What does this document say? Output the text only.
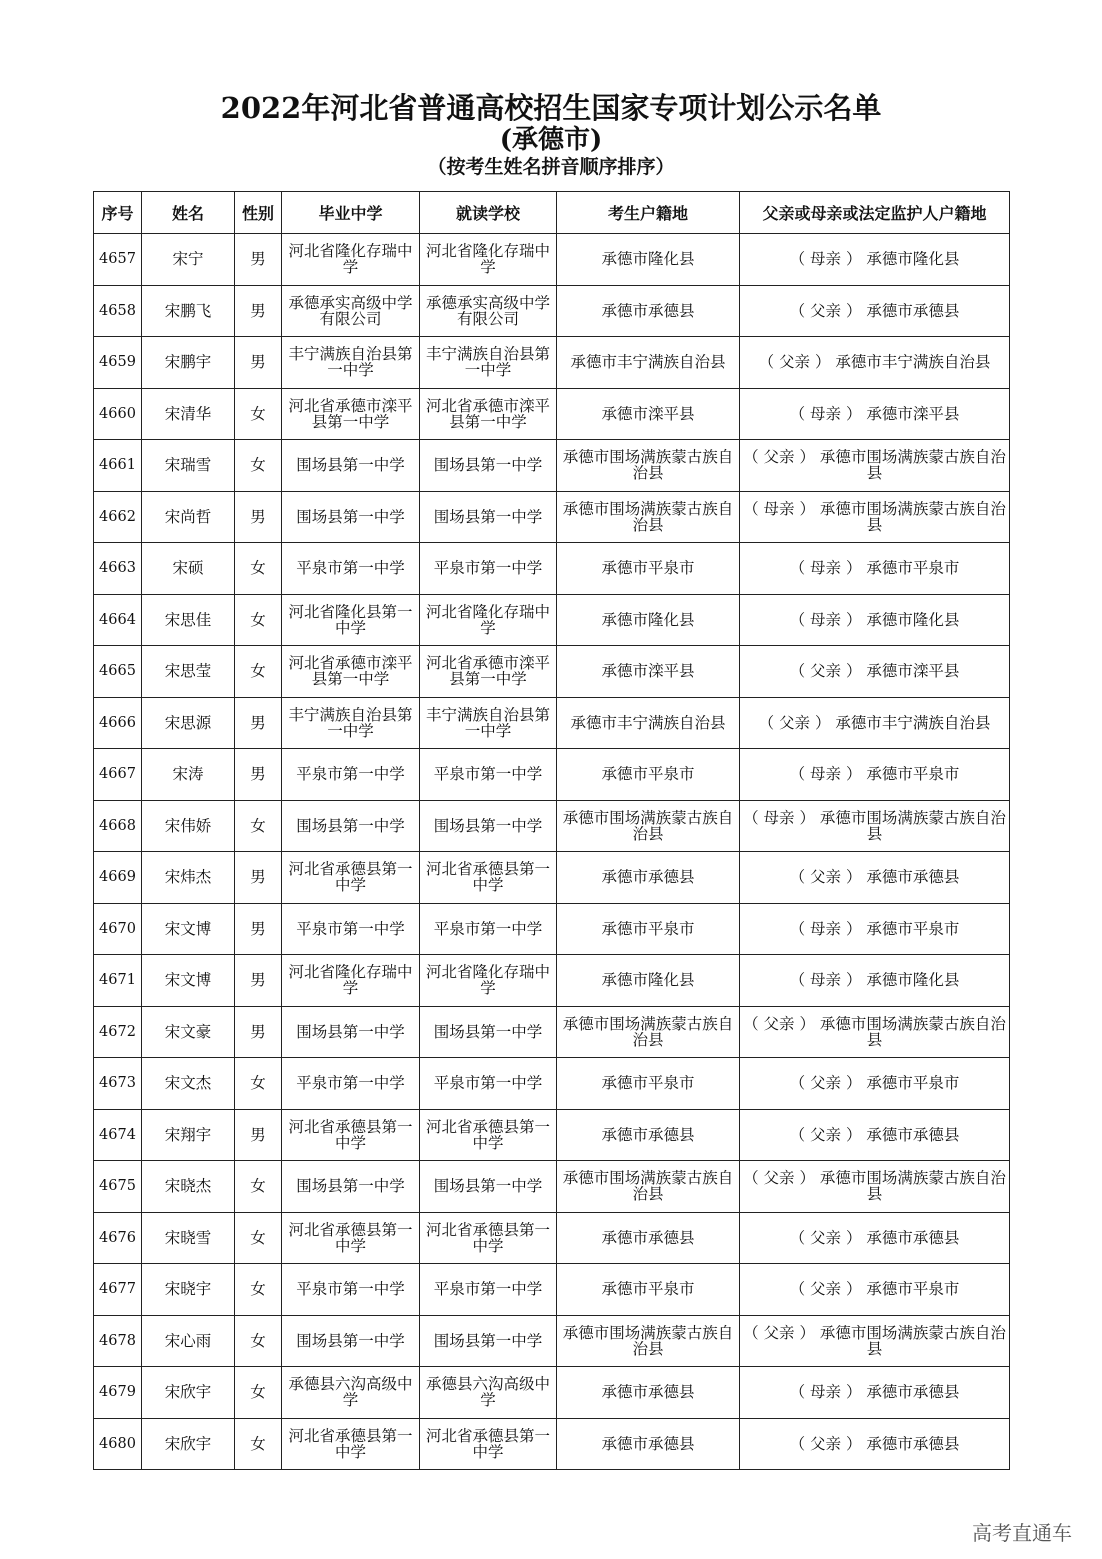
2022年河北省普通高校招生国家专项计划公示名单
(承德市)
（按考生姓名拼音顺序排序）
序号	姓名	性别	毕业中学	就读学校	考生户籍地	父亲或母亲或法定监护人户籍地
4657	宋宁	男	河北省隆化存瑞中学	河北省隆化存瑞中学	承德市隆化县	（ 母亲 ） 承德市隆化县
4658	宋鹏飞	男	承德承实高级中学有限公司	承德承实高级中学有限公司	承德市承德县	（ 父亲 ） 承德市承德县
4659	宋鹏宇	男	丰宁满族自治县第一中学	丰宁满族自治县第一中学	承德市丰宁满族自治县	（ 父亲 ） 承德市丰宁满族自治县
4660	宋清华	女	河北省承德市滦平县第一中学	河北省承德市滦平县第一中学	承德市滦平县	（ 母亲 ） 承德市滦平县
4661	宋瑞雪	女	围场县第一中学	围场县第一中学	承德市围场满族蒙古族自治县	（ 父亲 ） 承德市围场满族蒙古族自治县
4662	宋尚哲	男	围场县第一中学	围场县第一中学	承德市围场满族蒙古族自治县	（ 母亲 ） 承德市围场满族蒙古族自治县
4663	宋硕	女	平泉市第一中学	平泉市第一中学	承德市平泉市	（ 母亲 ） 承德市平泉市
4664	宋思佳	女	河北省隆化县第一中学	河北省隆化存瑞中学	承德市隆化县	（ 母亲 ） 承德市隆化县
4665	宋思莹	女	河北省承德市滦平县第一中学	河北省承德市滦平县第一中学	承德市滦平县	（ 父亲 ） 承德市滦平县
4666	宋思源	男	丰宁满族自治县第一中学	丰宁满族自治县第一中学	承德市丰宁满族自治县	（ 父亲 ） 承德市丰宁满族自治县
4667	宋涛	男	平泉市第一中学	平泉市第一中学	承德市平泉市	（ 母亲 ） 承德市平泉市
4668	宋伟娇	女	围场县第一中学	围场县第一中学	承德市围场满族蒙古族自治县	（ 母亲 ） 承德市围场满族蒙古族自治县
4669	宋炜杰	男	河北省承德县第一中学	河北省承德县第一中学	承德市承德县	（ 父亲 ） 承德市承德县
4670	宋文博	男	平泉市第一中学	平泉市第一中学	承德市平泉市	（ 母亲 ） 承德市平泉市
4671	宋文博	男	河北省隆化存瑞中学	河北省隆化存瑞中学	承德市隆化县	（ 母亲 ） 承德市隆化县
4672	宋文豪	男	围场县第一中学	围场县第一中学	承德市围场满族蒙古族自治县	（ 父亲 ） 承德市围场满族蒙古族自治县
4673	宋文杰	女	平泉市第一中学	平泉市第一中学	承德市平泉市	（ 父亲 ） 承德市平泉市
4674	宋翔宇	男	河北省承德县第一中学	河北省承德县第一中学	承德市承德县	（ 父亲 ） 承德市承德县
4675	宋晓杰	女	围场县第一中学	围场县第一中学	承德市围场满族蒙古族自治县	（ 父亲 ） 承德市围场满族蒙古族自治县
4676	宋晓雪	女	河北省承德县第一中学	河北省承德县第一中学	承德市承德县	（ 父亲 ） 承德市承德县
4677	宋晓宇	女	平泉市第一中学	平泉市第一中学	承德市平泉市	（ 父亲 ） 承德市平泉市
4678	宋心雨	女	围场县第一中学	围场县第一中学	承德市围场满族蒙古族自治县	（ 父亲 ） 承德市围场满族蒙古族自治县
4679	宋欣宇	女	承德县六沟高级中学	承德县六沟高级中学	承德市承德县	（ 母亲 ） 承德市承德县
4680	宋欣宇	女	河北省承德县第一中学	河北省承德县第一中学	承德市承德县	（ 父亲 ） 承德市承德县
高考直通车
